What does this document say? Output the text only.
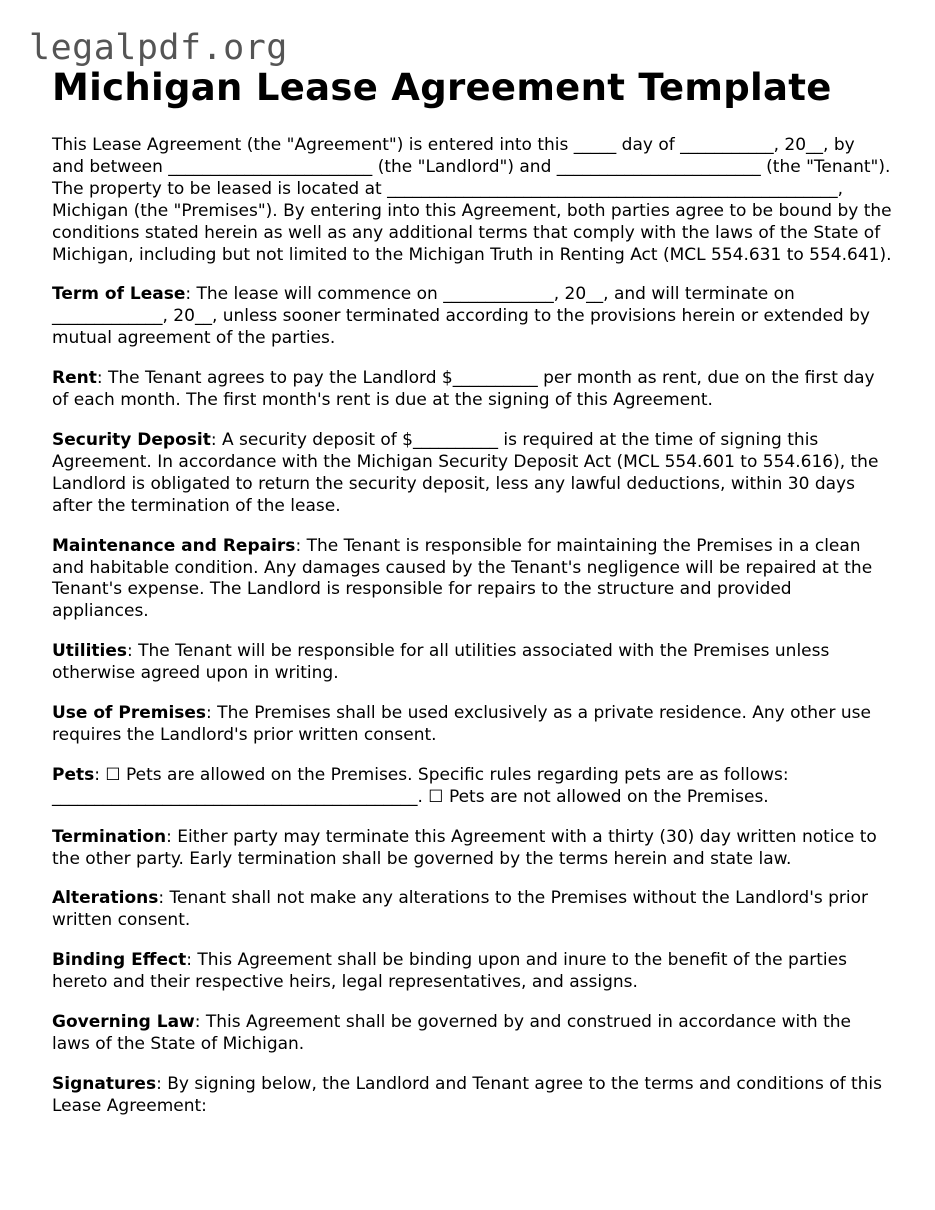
legalpdf.org
Michigan Lease Agreement Template

This Lease Agreement (the "Agreement") is entered into this _____ day of ___________, 20__, by and between ________________________ (the "Landlord") and ________________________ (the "Tenant"). The property to be leased is located at _____________________________________________________, Michigan (the "Premises"). By entering into this Agreement, both parties agree to be bound by the conditions stated herein as well as any additional terms that comply with the laws of the State of Michigan, including but not limited to the Michigan Truth in Renting Act (MCL 554.631 to 554.641).

Term of Lease: The lease will commence on _____________, 20__, and will terminate on _____________, 20__, unless sooner terminated according to the provisions herein or extended by mutual agreement of the parties.

Rent: The Tenant agrees to pay the Landlord $__________ per month as rent, due on the first day of each month. The first month's rent is due at the signing of this Agreement.

Security Deposit: A security deposit of $__________ is required at the time of signing this Agreement. In accordance with the Michigan Security Deposit Act (MCL 554.601 to 554.616), the Landlord is obligated to return the security deposit, less any lawful deductions, within 30 days after the termination of the lease.

Maintenance and Repairs: The Tenant is responsible for maintaining the Premises in a clean and habitable condition. Any damages caused by the Tenant's negligence will be repaired at the Tenant's expense. The Landlord is responsible for repairs to the structure and provided appliances.

Utilities: The Tenant will be responsible for all utilities associated with the Premises unless otherwise agreed upon in writing.

Use of Premises: The Premises shall be used exclusively as a private residence. Any other use requires the Landlord's prior written consent.

Pets: ☐ Pets are allowed on the Premises. Specific rules regarding pets are as follows: ___________________________________________. ☐ Pets are not allowed on the Premises.

Termination: Either party may terminate this Agreement with a thirty (30) day written notice to the other party. Early termination shall be governed by the terms herein and state law.

Alterations: Tenant shall not make any alterations to the Premises without the Landlord's prior written consent.

Binding Effect: This Agreement shall be binding upon and inure to the benefit of the parties hereto and their respective heirs, legal representatives, and assigns.

Governing Law: This Agreement shall be governed by and construed in accordance with the laws of the State of Michigan.

Signatures: By signing below, the Landlord and Tenant agree to the terms and conditions of this Lease Agreement:
